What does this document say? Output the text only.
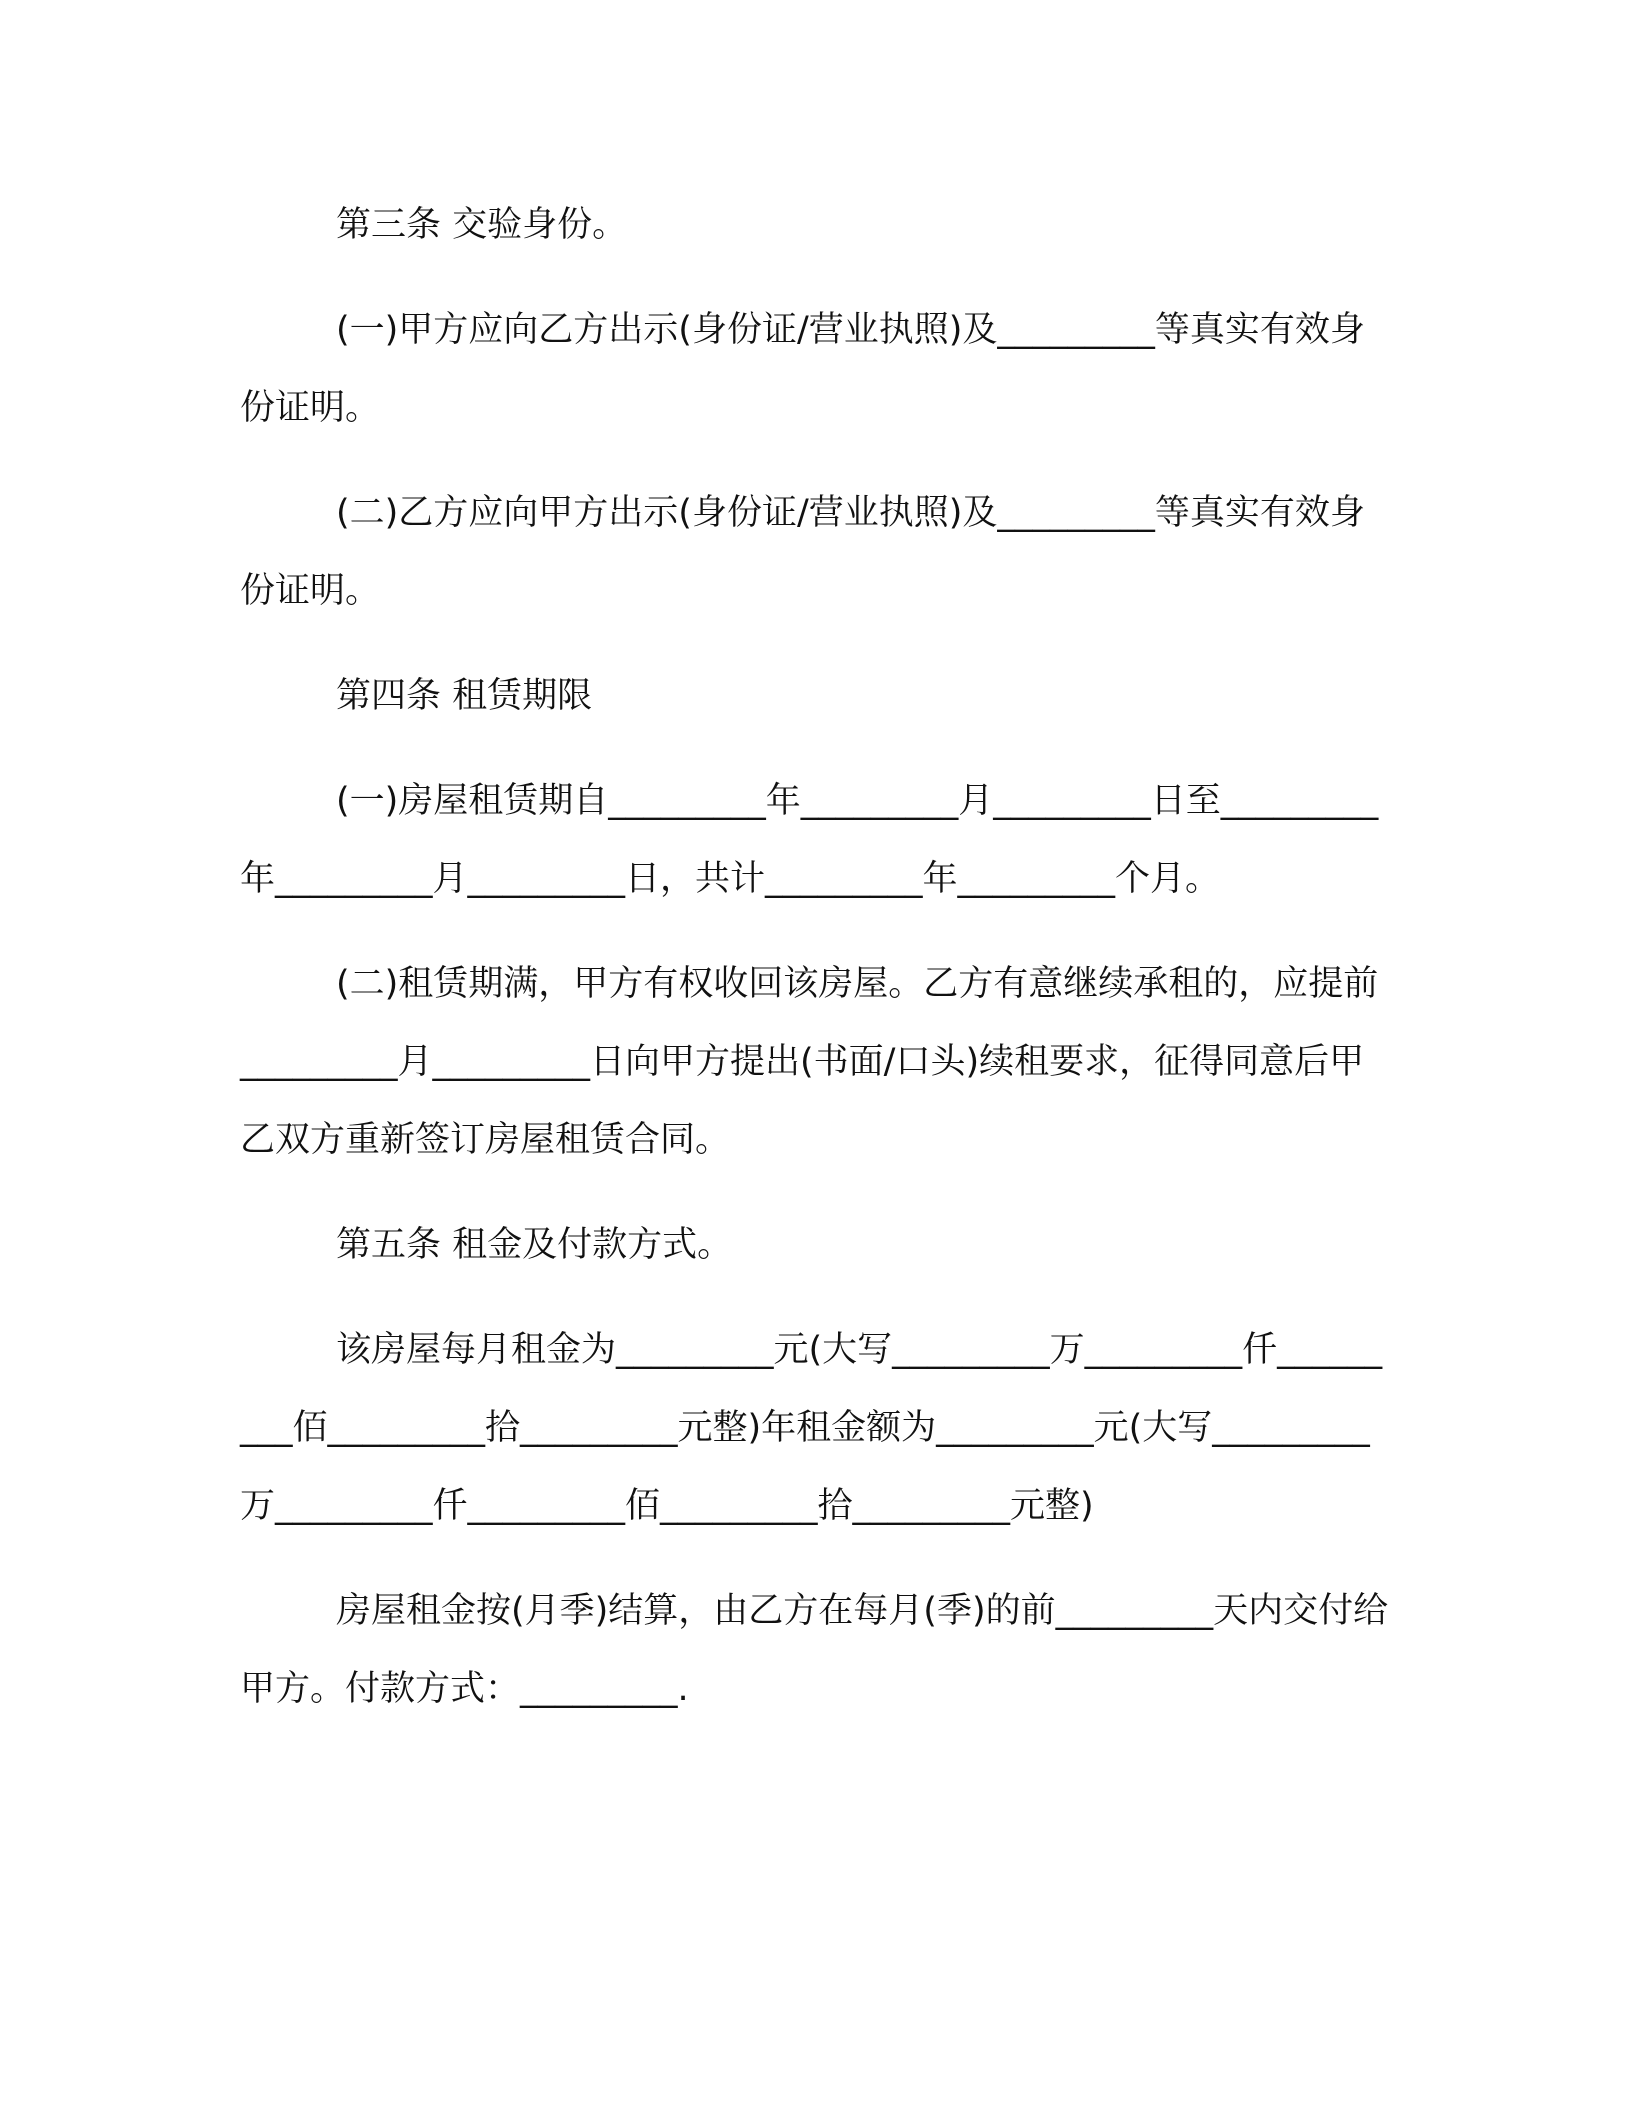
第三条 交验身份。

(一)甲方应向乙方出示(身份证/营业执照)及_________等真实有效身份证明。

(二)乙方应向甲方出示(身份证/营业执照)及_________等真实有效身份证明。

第四条 租赁期限

(一)房屋租赁期自_________年_________月_________日至_________年_________月_________日，共计_________年_________个月。

(二)租赁期满，甲方有权收回该房屋。乙方有意继续承租的，应提前_________月_________日向甲方提出(书面/口头)续租要求，征得同意后甲乙双方重新签订房屋租赁合同。

第五条 租金及付款方式。

该房屋每月租金为_________元(大写_________万_________仟_________佰_________拾_________元整)年租金额为_________元(大写_________万_________仟_________佰_________拾_________元整)

房屋租金按(月季)结算，由乙方在每月(季)的前_________天内交付给甲方。付款方式：_________.
